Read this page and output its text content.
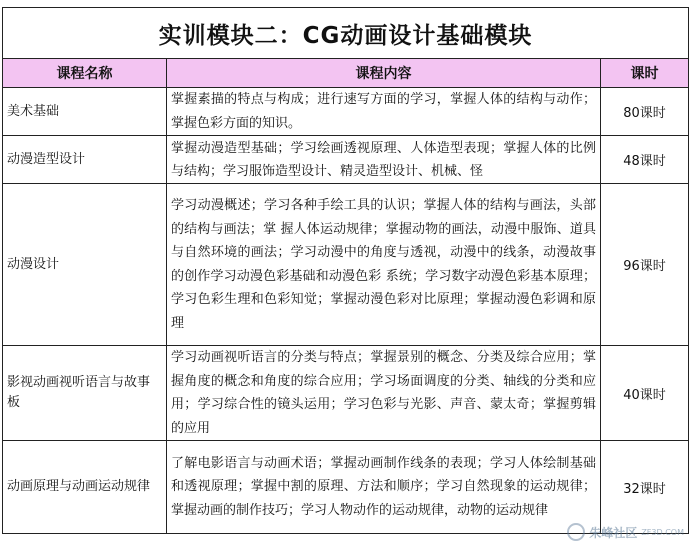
实训模块二：CG动画设计基础模块		
课程名称	课程内容	课时
美术基础	掌握素描的特点与构成；进行速写方面的学习，掌握人体的结构与动作；掌握色彩方面的知识。	80课时
动漫造型设计	掌握动漫造型基础；学习绘画透视原理、人体造型表现；掌握人体的比例与结构；学习服饰造型设计、精灵造型设计、机械、怪	48课时
动漫设计	学习动漫概述；学习各种手绘工具的认识；掌握人体的结构与画法，头部的结构与画法；掌 握人体运动规律；掌握动物的画法，动漫中服饰、道具与自然环境的画法；学习动漫中的角度与透视，动漫中的线条，动漫故事的创作学习动漫色彩基础和动漫色彩 系统；学习数字动漫色彩基本原理；学习色彩生理和色彩知觉；掌握动漫色彩对比原理；掌握动漫色彩调和原理	96课时
影视动画视听语言与故事板	学习动画视听语言的分类与特点；掌握景别的概念、分类及综合应用；掌握角度的概念和角度的综合应用；学习场面调度的分类、轴线的分类和应用；学习综合性的镜头运用；学习色彩与光影、声音、蒙太奇；掌握剪辑的应用	40课时
动画原理与动画运动规律	了解电影语言与动画术语；掌握动画制作线条的表现；学习人体绘制基础和透视原理；掌握中割的原理、方法和顺序；学习自然现象的运动规律；掌握动画的制作技巧；学习人物动作的运动规律，动物的运动规律	32课时
朱峰社区 ZF3D.COM
